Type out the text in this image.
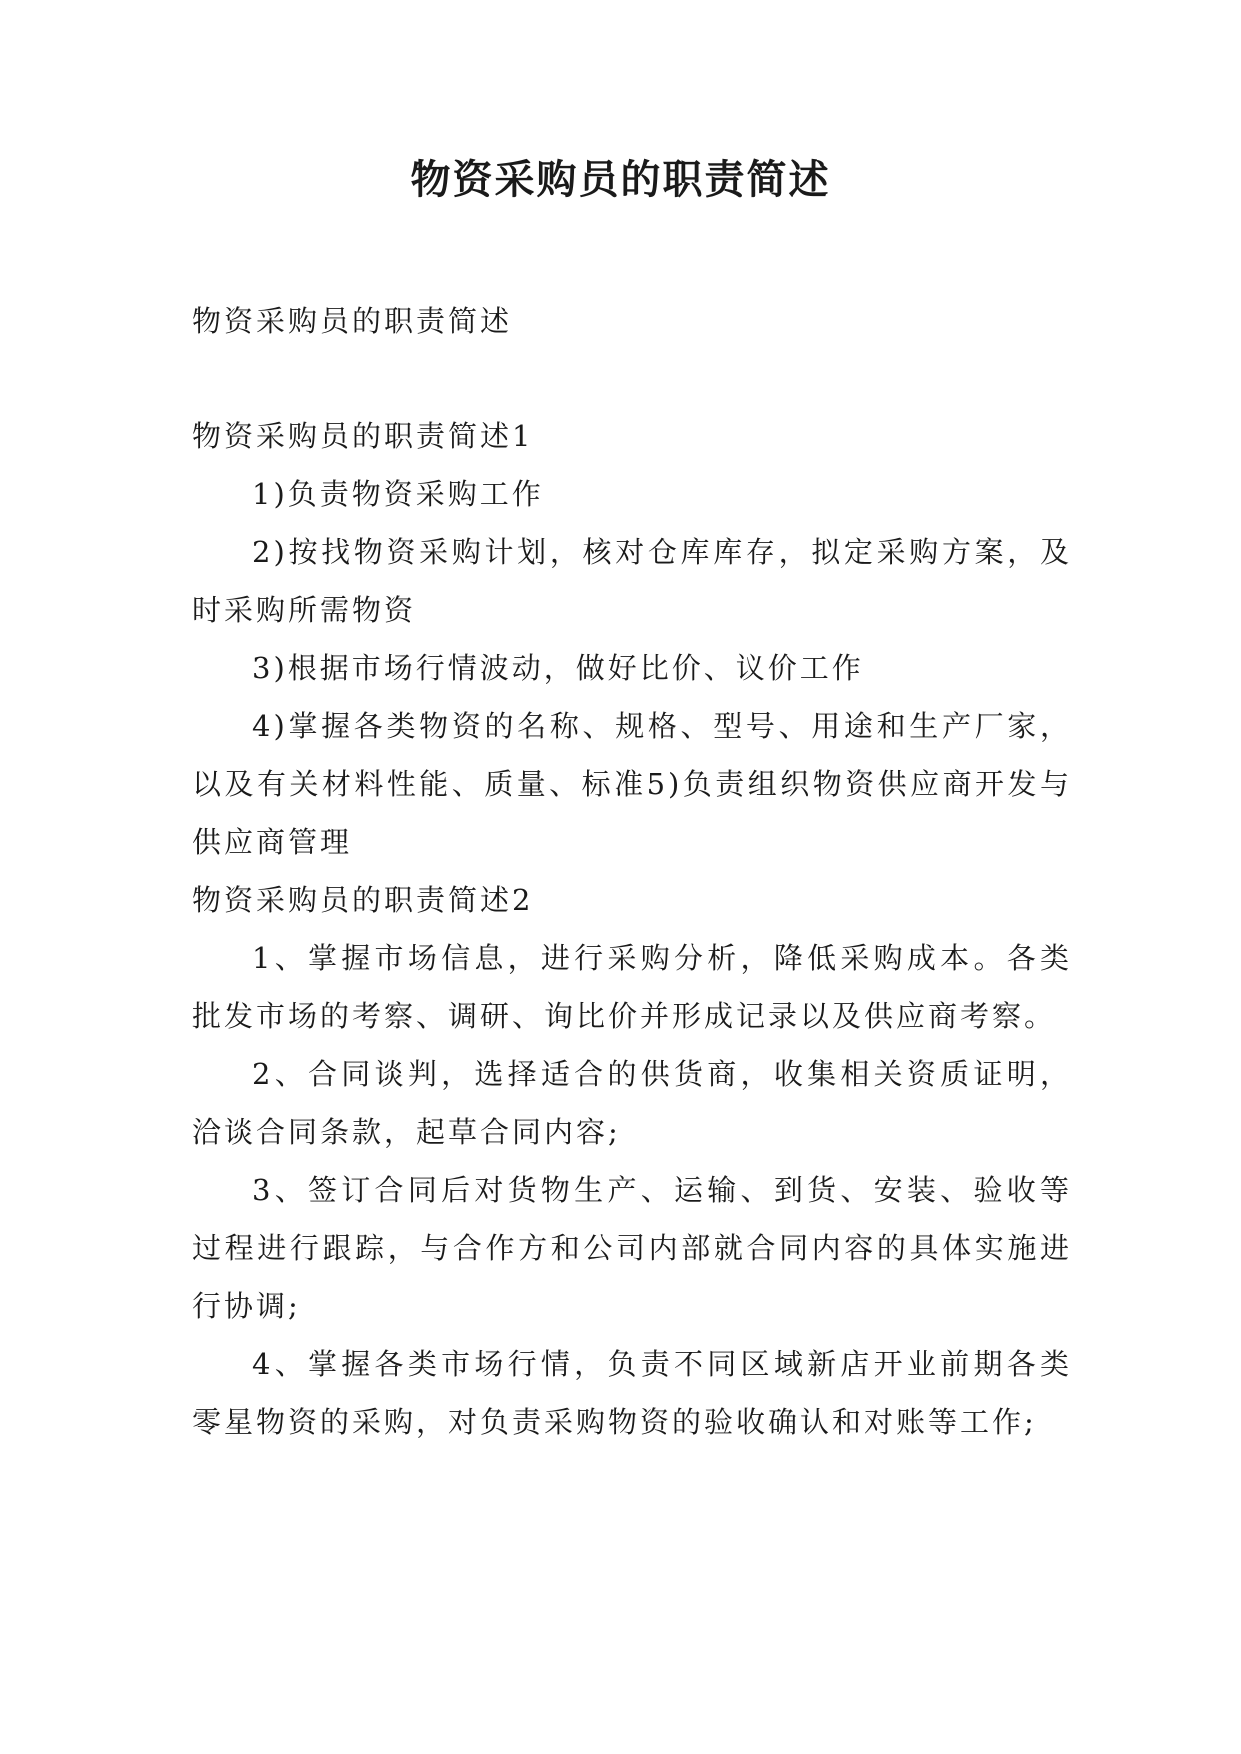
物资采购员的职责简述

物资采购员的职责简述

物资采购员的职责简述1

1)负责物资采购工作

2)按找物资采购计划，核对仓库库存，拟定采购方案，及时采购所需物资

3)根据市场行情波动，做好比价、议价工作

4)掌握各类物资的名称、规格、型号、用途和生产厂家，以及有关材料性能、质量、标准5)负责组织物资供应商开发与供应商管理

物资采购员的职责简述2

1、掌握市场信息，进行采购分析，降低采购成本。各类批发市场的考察、调研、询比价并形成记录以及供应商考察。

2、合同谈判，选择适合的供货商，收集相关资质证明，洽谈合同条款，起草合同内容;

3、签订合同后对货物生产、运输、到货、安装、验收等过程进行跟踪，与合作方和公司内部就合同内容的具体实施进行协调;

4、掌握各类市场行情，负责不同区域新店开业前期各类零星物资的采购，对负责采购物资的验收确认和对账等工作;
